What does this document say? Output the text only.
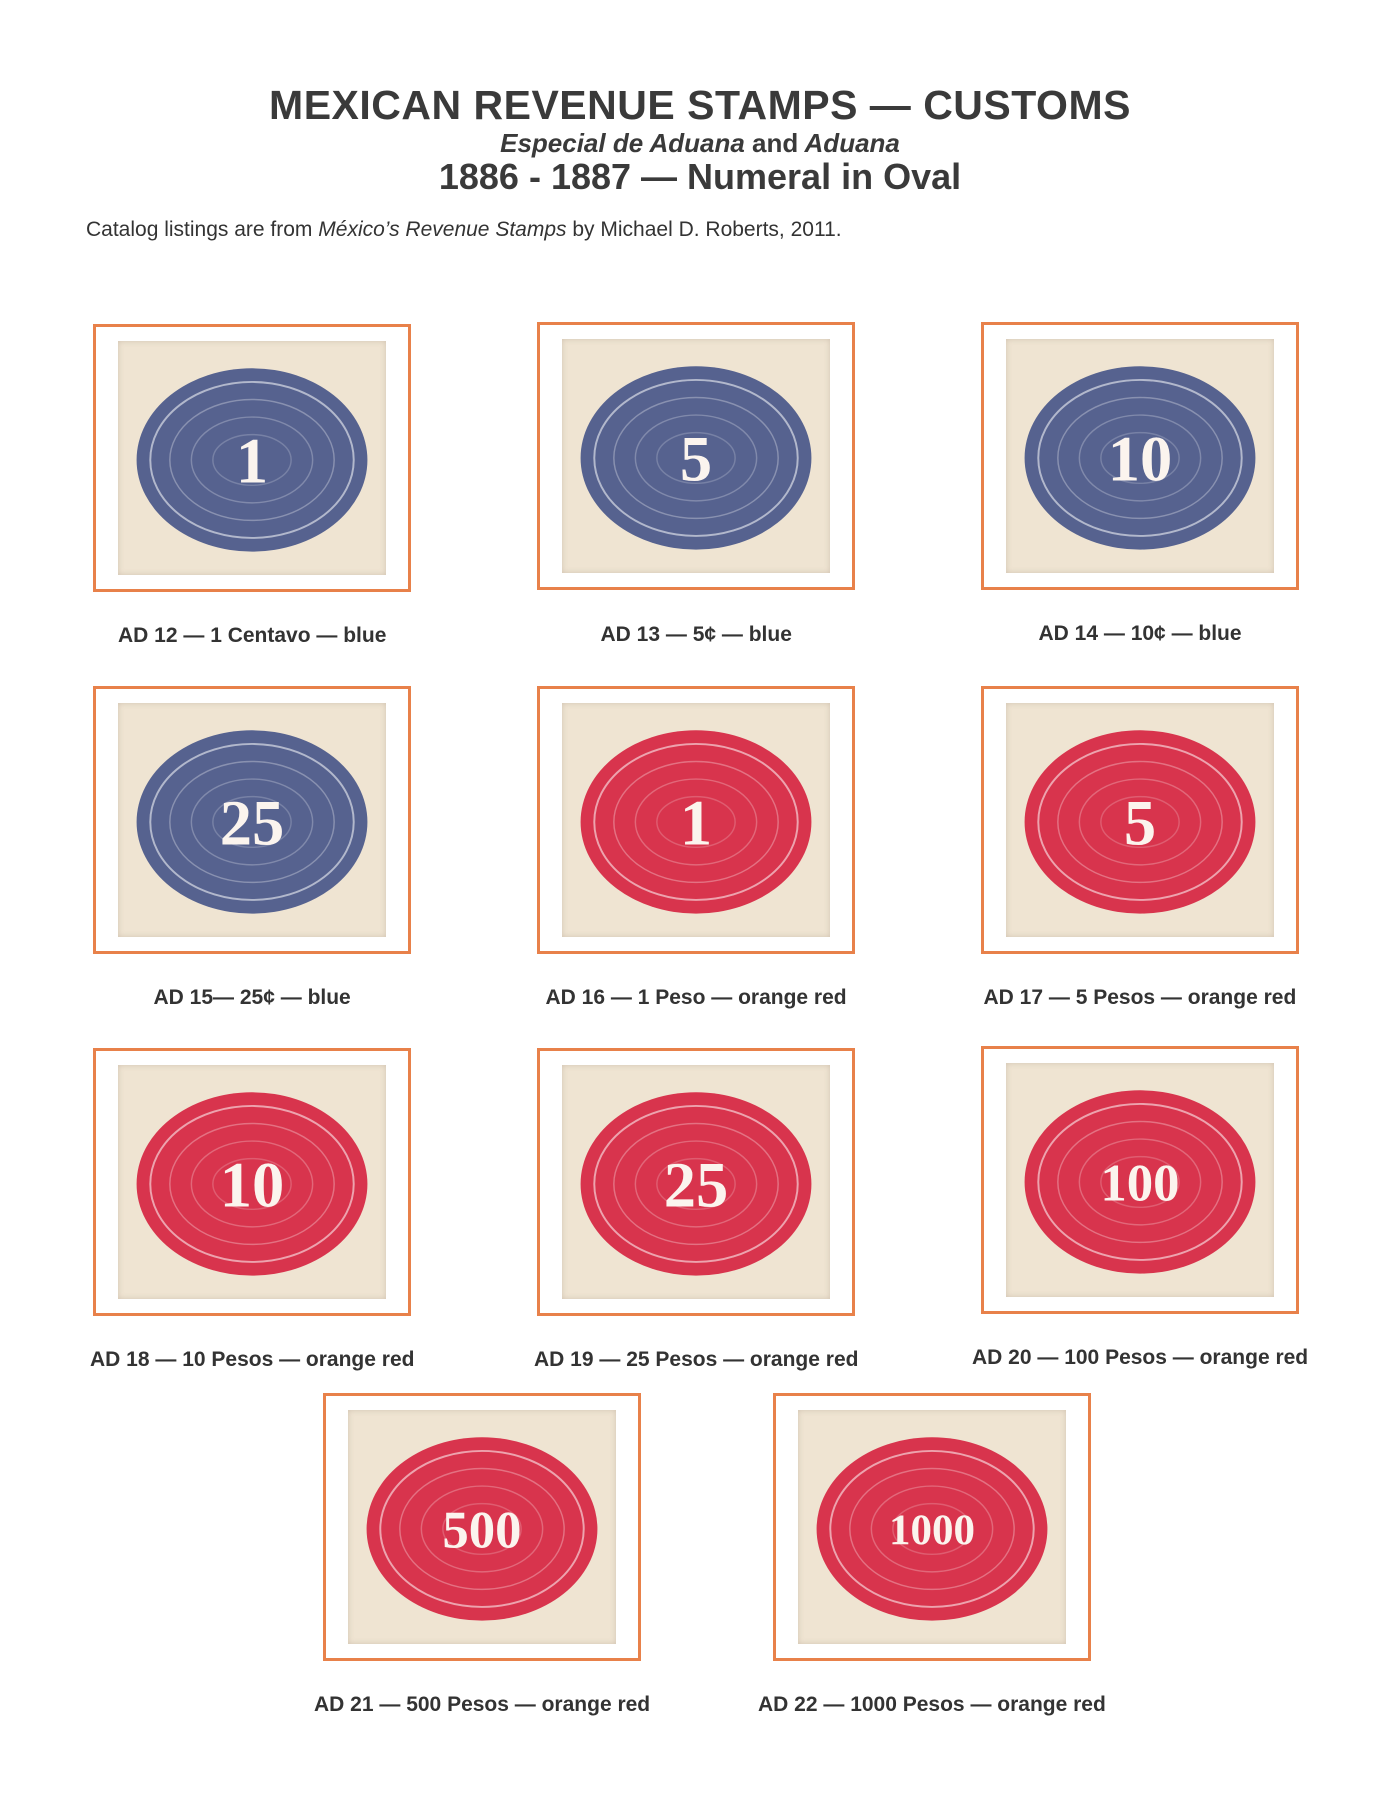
MEXICAN REVENUE STAMPS — CUSTOMS
Especial de Aduana and Aduana
1886 - 1887 — Numeral in Oval
Catalog listings are from México’s Revenue Stamps by Michael D. Roberts, 2011.
1
AD 12 — 1 Centavo — blue
5
AD 13 — 5¢ — blue
10
AD 14 — 10¢ — blue
25
AD 15— 25¢ — blue
1
AD 16 — 1 Peso — orange red
5
AD 17 — 5 Pesos — orange red
10
AD 18 — 10 Pesos — orange red
25
AD 19 — 25 Pesos — orange red
100
AD 20 — 100 Pesos — orange red
500
AD 21 — 500 Pesos — orange red
1000
AD 22 — 1000 Pesos — orange red
